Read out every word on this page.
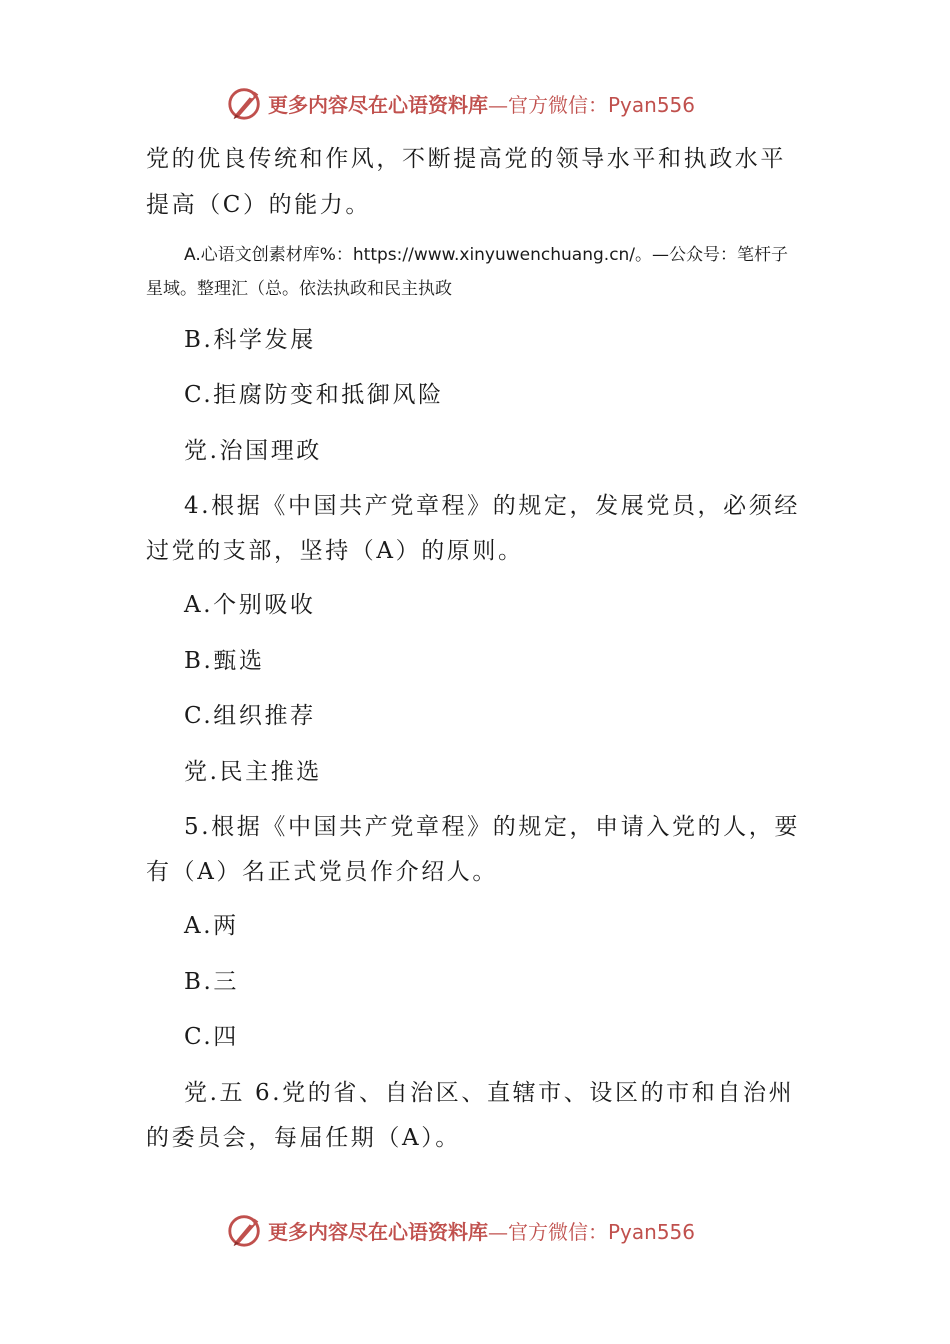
更多内容尽在心语资料库—官方微信：Pyan556
党的优良传统和作风，不断提高党的领导水平和执政水平
提高（C）的能力。
A.心语文创素材库%：https://www.xinyuwenchuang.cn/。—公众号：笔杆子
星域。整理汇（总。依法执政和民主执政
B.科学发展
C.拒腐防变和抵御风险
党.治国理政
4.根据《中国共产党章程》的规定，发展党员，必须经
过党的支部，坚持（A）的原则。
A.个别吸收
B.甄选
C.组织推荐
党.民主推选
5.根据《中国共产党章程》的规定，申请入党的人，要
有（A）名正式党员作介绍人。
A.两
B.三
C.四
党.五 6.党的省、自治区、直辖市、设区的市和自治州
的委员会，每届任期（A）。
更多内容尽在心语资料库—官方微信：Pyan556
